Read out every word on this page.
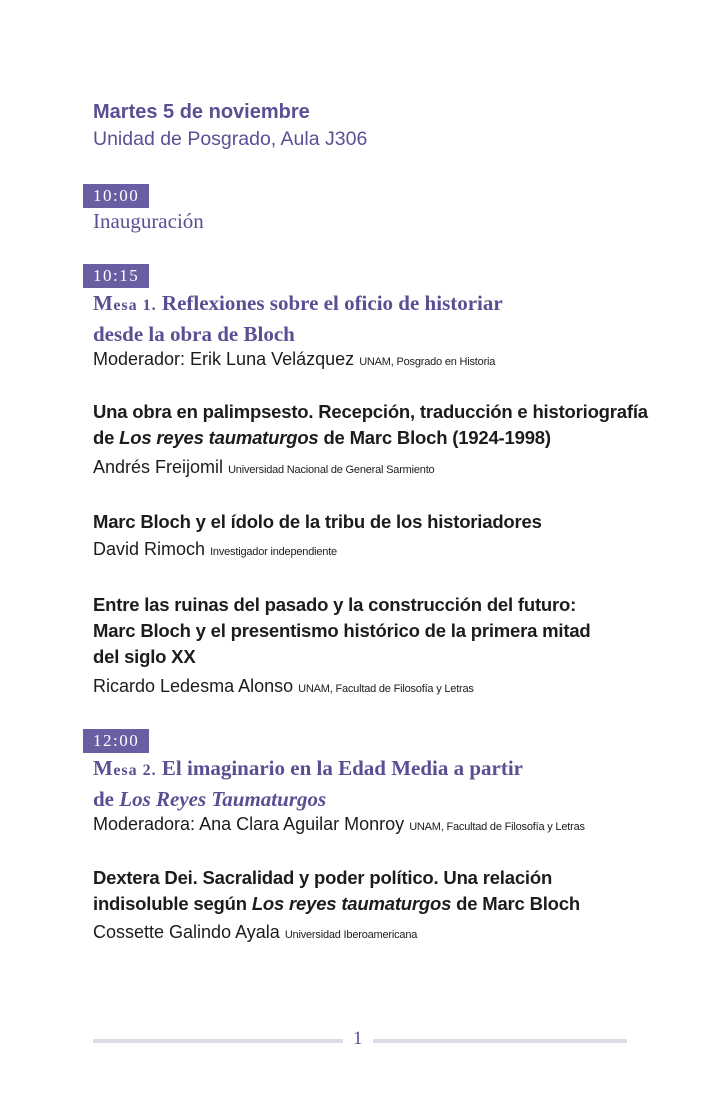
Martes 5 de noviembre
Unidad de Posgrado, Aula J306
10:00
Inauguración
10:15
Mesa 1. Reflexiones sobre el oficio de historiar
desde la obra de Bloch
Moderador: Erik Luna Velázquez UNAM, Posgrado en Historia
Una obra en palimpsesto. Recepción, traducción e historiografía
de Los reyes taumaturgos de Marc Bloch (1924-1998)
Andrés Freijomil Universidad Nacional de General Sarmiento
Marc Bloch y el ídolo de la tribu de los historiadores
David Rimoch Investigador independiente
Entre las ruinas del pasado y la construcción del futuro:
Marc Bloch y el presentismo histórico de la primera mitad
del siglo XX
Ricardo Ledesma Alonso UNAM, Facultad de Filosofía y Letras
12:00
Mesa 2. El imaginario en la Edad Media a partir
de Los Reyes Taumaturgos
Moderadora: Ana Clara Aguilar Monroy UNAM, Facultad de Filosofía y Letras
Dextera Dei. Sacralidad y poder político. Una relación
indisoluble según Los reyes taumaturgos de Marc Bloch
Cossette Galindo Ayala Universidad Iberoamericana
1
